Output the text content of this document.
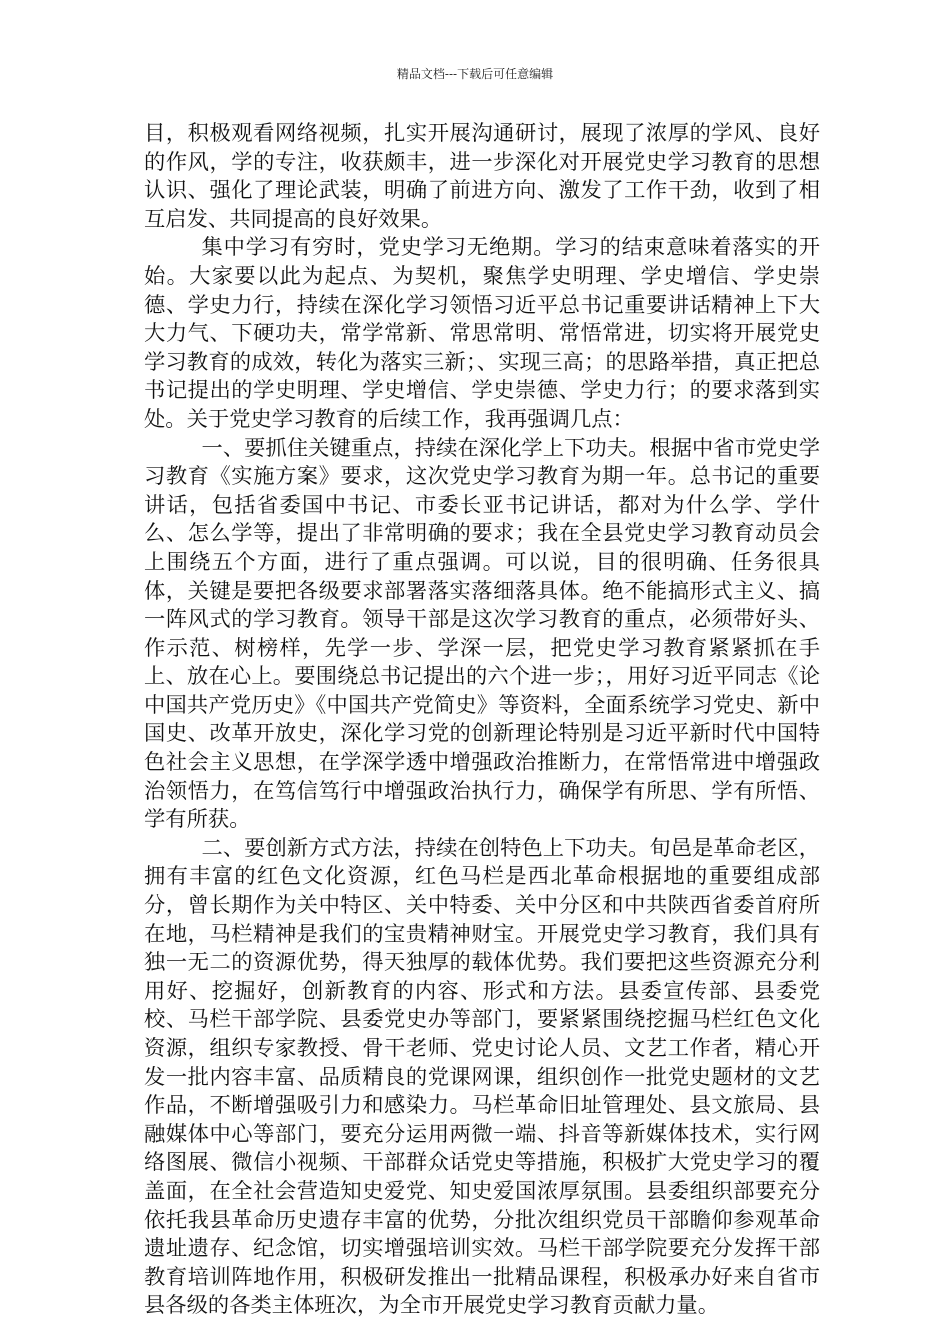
精品文档---下载后可任意编辑

目，积极观看网络视频，扎实开展沟通研讨，展现了浓厚的学风、良好的作风，学的专注，收获颇丰，进一步深化对开展党史学习教育的思想认识、强化了理论武装，明确了前进方向、激发了工作干劲，收到了相互启发、共同提高的良好效果。

集中学习有穷时，党史学习无绝期。学习的结束意味着落实的开始。大家要以此为起点、为契机，聚焦学史明理、学史增信、学史崇德、学史力行，持续在深化学习领悟习近平总书记重要讲话精神上下大大力气、下硬功夫，常学常新、常思常明、常悟常进，切实将开展党史学习教育的成效，转化为落实三新；、实现三高；的思路举措，真正把总书记提出的学史明理、学史增信、学史崇德、学史力行；的要求落到实处。关于党史学习教育的后续工作，我再强调几点：

一、要抓住关键重点，持续在深化学上下功夫。根据中省市党史学习教育《实施方案》要求，这次党史学习教育为期一年。总书记的重要讲话，包括省委国中书记、市委长亚书记讲话，都对为什么学、学什么、怎么学等，提出了非常明确的要求；我在全县党史学习教育动员会上围绕五个方面，进行了重点强调。可以说，目的很明确、任务很具体，关键是要把各级要求部署落实落细落具体。绝不能搞形式主义、搞一阵风式的学习教育。领导干部是这次学习教育的重点，必须带好头、作示范、树榜样，先学一步、学深一层，把党史学习教育紧紧抓在手上、放在心上。要围绕总书记提出的六个进一步；，用好习近平同志《论中国共产党历史》《中国共产党简史》等资料，全面系统学习党史、新中国史、改革开放史，深化学习党的创新理论特别是习近平新时代中国特色社会主义思想，在学深学透中增强政治推断力，在常悟常进中增强政治领悟力，在笃信笃行中增强政治执行力，确保学有所思、学有所悟、学有所获。

二、要创新方式方法，持续在创特色上下功夫。旬邑是革命老区，拥有丰富的红色文化资源，红色马栏是西北革命根据地的重要组成部分，曾长期作为关中特区、关中特委、关中分区和中共陕西省委首府所在地，马栏精神是我们的宝贵精神财宝。开展党史学习教育，我们具有独一无二的资源优势，得天独厚的载体优势。我们要把这些资源充分利用好、挖掘好，创新教育的内容、形式和方法。县委宣传部、县委党校、马栏干部学院、县委党史办等部门，要紧紧围绕挖掘马栏红色文化资源，组织专家教授、骨干老师、党史讨论人员、文艺工作者，精心开发一批内容丰富、品质精良的党课网课，组织创作一批党史题材的文艺作品，不断增强吸引力和感染力。马栏革命旧址管理处、县文旅局、县融媒体中心等部门，要充分运用两微一端、抖音等新媒体技术，实行网络图展、微信小视频、干部群众话党史等措施，积极扩大党史学习的覆盖面，在全社会营造知史爱党、知史爱国浓厚氛围。县委组织部要充分依托我县革命历史遗存丰富的优势，分批次组织党员干部瞻仰参观革命遗址遗存、纪念馆，切实增强培训实效。马栏干部学院要充分发挥干部教育培训阵地作用，积极研发推出一批精品课程，积极承办好来自省市县各级的各类主体班次，为全市开展党史学习教育贡献力量。
